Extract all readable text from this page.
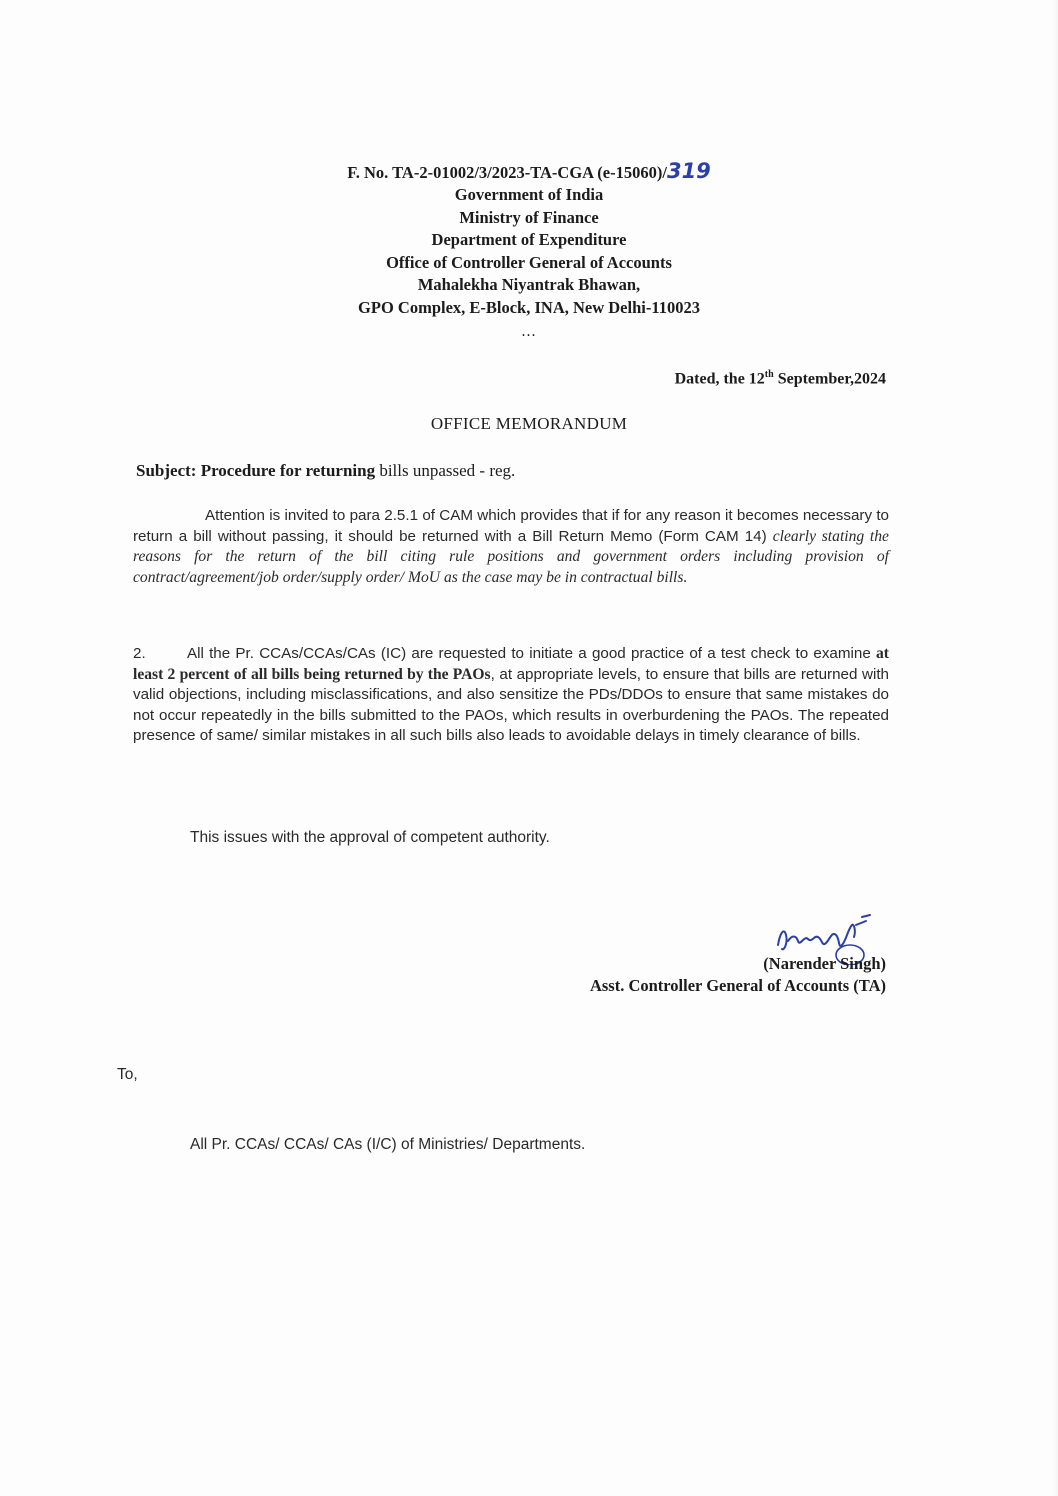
F. No. TA-2-01002/3/2023-TA-CGA (e-15060)/319
Government of India
Ministry of Finance
Department of Expenditure
Office of Controller General of Accounts
Mahalekha Niyantrak Bhawan,
GPO Complex, E-Block, INA, New Delhi-110023
...
Dated, the 12th September,2024
OFFICE MEMORANDUM
Subject: Procedure for returning bills unpassed - reg.
Attention is invited to para 2.5.1 of CAM which provides that if for any reason it becomes necessary to return a bill without passing, it should be returned with a Bill Return Memo (Form CAM 14) clearly stating the reasons for the return of the bill citing rule positions and government orders including provision of contract/agreement/job order/supply order/ MoU as the case may be in contractual bills.
2.	All the Pr. CCAs/CCAs/CAs (IC) are requested to initiate a good practice of a test check to examine at least 2 percent of all bills being returned by the PAOs, at appropriate levels, to ensure that bills are returned with valid objections, including misclassifications, and also sensitize the PDs/DDOs to ensure that same mistakes do not occur repeatedly in the bills submitted to the PAOs, which results in overburdening the PAOs. The repeated presence of same/ similar mistakes in all such bills also leads to avoidable delays in timely clearance of bills.
This issues with the approval of competent authority.
(Narender Singh)
Asst. Controller General of Accounts (TA)
To,
All Pr. CCAs/ CCAs/ CAs (I/C) of Ministries/ Departments.
